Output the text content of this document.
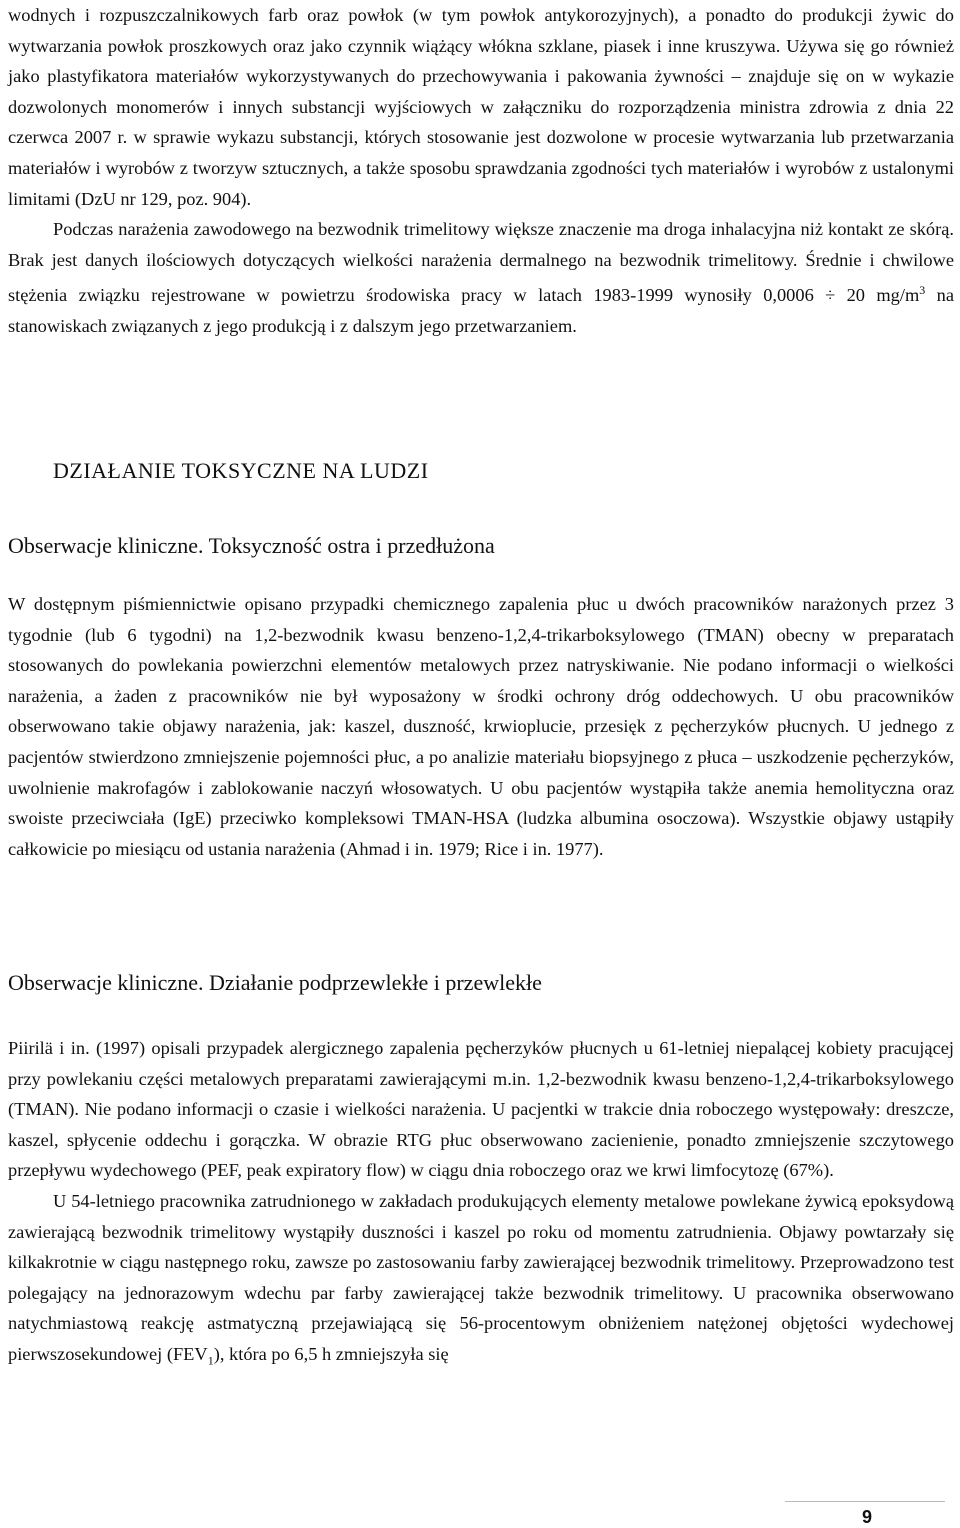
wodnych i rozpuszczalnikowych farb oraz powłok (w tym powłok antykorozyjnych), a ponadto do produkcji żywic do wytwarzania powłok proszkowych oraz jako czynnik wiążący włókna szklane, piasek i inne kruszywa. Używa się go również jako plastyfikatora materiałów wykorzystywanych do przechowywania i pakowania żywności – znajduje się on w wykazie dozwolonych monomerów i innych substancji wyjściowych w załączniku do rozporządzenia ministra zdrowia z dnia 22 czerwca 2007 r. w sprawie wykazu substancji, których stosowanie jest dozwolone w procesie wytwarzania lub przetwarzania materiałów i wyrobów z tworzyw sztucznych, a także sposobu sprawdzania zgodności tych materiałów i wyrobów z ustalonymi limitami (DzU nr 129, poz. 904).

Podczas narażenia zawodowego na bezwodnik trimelitowy większe znaczenie ma droga inhalacyjna niż kontakt ze skórą. Brak jest danych ilościowych dotyczących wielkości narażenia dermalnego na bezwodnik trimelitowy. Średnie i chwilowe stężenia związku rejestrowane w powietrzu środowiska pracy w latach 1983-1999 wynosiły 0,0006 ÷ 20 $mg/m^3$ na stanowiskach związanych z jego produkcją i z dalszym jego przetwarzaniem.

DZIAŁANIE TOKSYCZNE NA LUDZI
Obserwacje kliniczne. Toksyczność ostra i przedłużona

W dostępnym piśmiennictwie opisano przypadki chemicznego zapalenia płuc u dwóch pracowników narażonych przez 3 tygodnie (lub 6 tygodni) na 1,2-bezwodnik kwasu benzeno-1,2,4-trikarboksylowego (TMAN) obecny w preparatach stosowanych do powlekania powierzchni elementów metalowych przez natryskiwanie. Nie podano informacji o wielkości narażenia, a żaden z pracowników nie był wyposażony w środki ochrony dróg oddechowych. U obu pracowników obserwowano takie objawy narażenia, jak: kaszel, duszność, krwioplucie, przesięk z pęcherzyków płucnych. U jednego z pacjentów stwierdzono zmniejszenie pojemności płuc, a po analizie materiału biopsyjnego z płuca – uszkodzenie pęcherzyków, uwolnienie makrofagów i zablokowanie naczyń włosowatych. U obu pacjentów wystąpiła także anemia hemolityczna oraz swoiste przeciwciała (IgE) przeciwko kompleksowi TMAN-HSA (ludzka albumina osoczowa). Wszystkie objawy ustąpiły całkowicie po miesiącu od ustania narażenia (Ahmad i in. 1979; Rice i in. 1977).

Obserwacje kliniczne. Działanie podprzewlekłe i przewlekłe

Piirilä i in. (1997) opisali przypadek alergicznego zapalenia pęcherzyków płucnych u 61-letniej niepalącej kobiety pracującej przy powlekaniu części metalowych preparatami zawierającymi m.in. 1,2-bezwodnik kwasu benzeno-1,2,4-trikarboksylowego (TMAN). Nie podano informacji o czasie i wielkości narażenia. U pacjentki w trakcie dnia roboczego występowały: dreszcze, kaszel, spłycenie oddechu i gorączka. W obrazie RTG płuc obserwowano zacienienie, ponadto zmniejszenie szczytowego przepływu wydechowego (PEF, peak expiratory flow) w ciągu dnia roboczego oraz we krwi limfocytozę (67%).

U 54-letniego pracownika zatrudnionego w zakładach produkujących elementy metalowe powlekane żywicą epoksydową zawierającą bezwodnik trimelitowy wystąpiły duszności i kaszel po roku od momentu zatrudnienia. Objawy powtarzały się kilkakrotnie w ciągu następnego roku, zawsze po zastosowaniu farby zawierającej bezwodnik trimelitowy. Przeprowadzono test polegający na jednorazowym wdechu par farby zawierającej także bezwodnik trimelitowy. U pracownika obserwowano natychmiastową reakcję astmatyczną przejawiającą się 56-procentowym obniżeniem natężonej objętości wydechowej pierwszosekundowej $(FEV_1)$, która po 6,5 h zmniejszyła się

9
